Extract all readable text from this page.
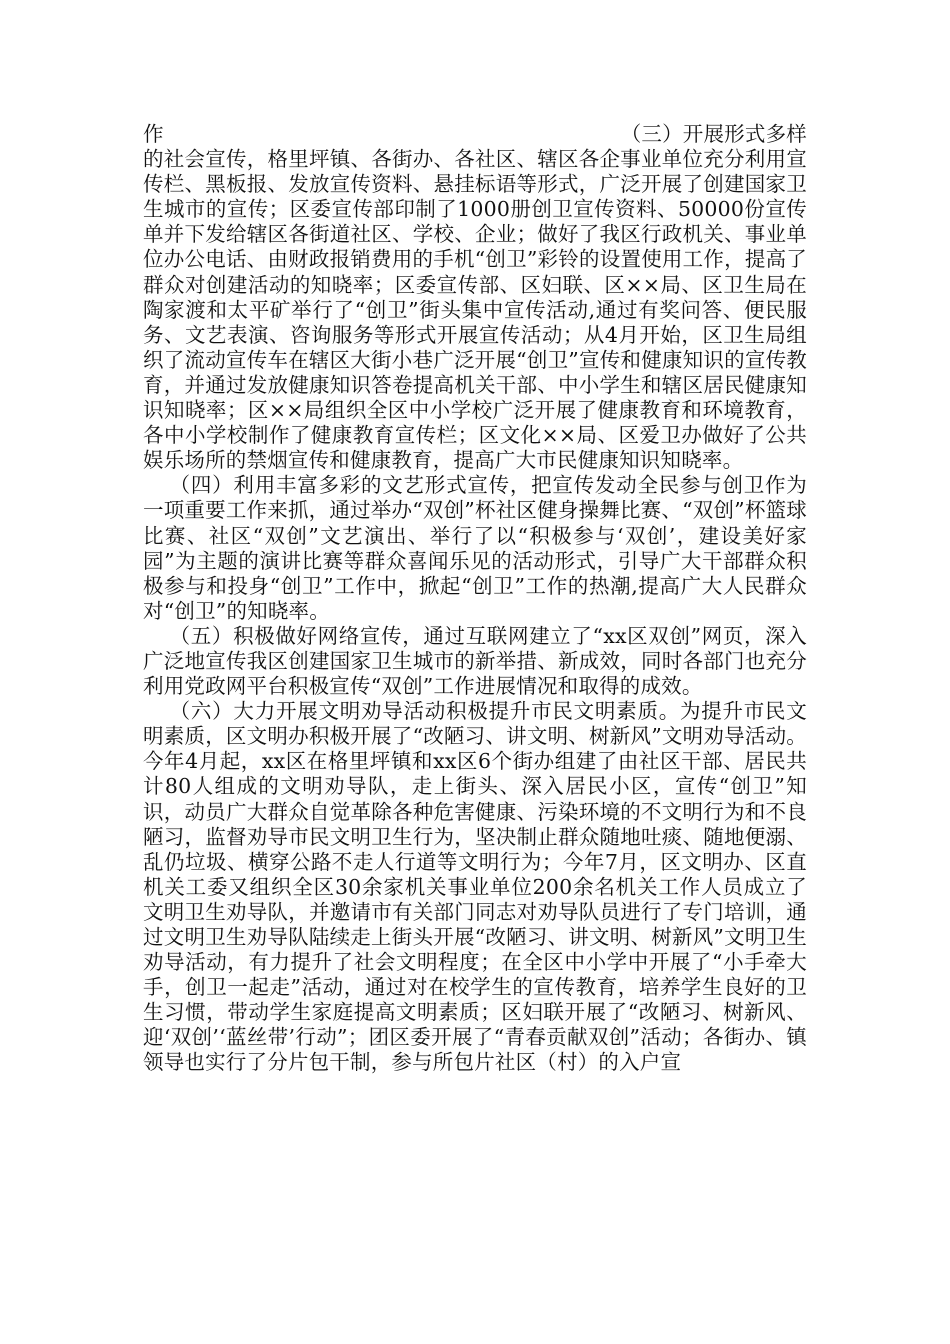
作	（三）开展形式多样

的社会宣传，格里坪镇、各街办、各社区、辖区各企事业单位充分利用宣传栏、黑板报、发放宣传资料、悬挂标语等形式，广泛开展了创建国家卫生城市的宣传；区委宣传部印制了1000册创卫宣传资料、50000份宣传单并下发给辖区各街道社区、学校、企业；做好了我区行政机关、事业单位办公电话、由财政报销费用的手机“创卫”彩铃的设置使用工作，提高了群众对创建活动的知晓率；区委宣传部、区妇联、区××局、区卫生局在陶家渡和太平矿举行了“创卫”街头集中宣传活动,通过有奖问答、便民服务、文艺表演、咨询服务等形式开展宣传活动；从4月开始，区卫生局组织了流动宣传车在辖区大街小巷广泛开展“创卫”宣传和健康知识的宣传教育，并通过发放健康知识答卷提高机关干部、中小学生和辖区居民健康知识知晓率；区××局组织全区中小学校广泛开展了健康教育和环境教育，各中小学校制作了健康教育宣传栏；区文化××局、区爱卫办做好了公共娱乐场所的禁烟宣传和健康教育，提高广大市民健康知识知晓率。

（四）利用丰富多彩的文艺形式宣传，把宣传发动全民参与创卫作为一项重要工作来抓，通过举办“双创”杯社区健身操舞比赛、“双创”杯篮球比赛、社区“双创”文艺演出、举行了以“积极参与‘双创’，建设美好家园”为主题的演讲比赛等群众喜闻乐见的活动形式，引导广大干部群众积极参与和投身“创卫”工作中，掀起“创卫”工作的热潮,提高广大人民群众对“创卫”的知晓率。

（五）积极做好网络宣传，通过互联网建立了“xx区双创”网页，深入广泛地宣传我区创建国家卫生城市的新举措、新成效，同时各部门也充分利用党政网平台积极宣传“双创”工作进展情况和取得的成效。

（六）大力开展文明劝导活动积极提升市民文明素质。为提升市民文明素质，区文明办积极开展了“改陋习、讲文明、树新风”文明劝导活动。今年4月起，xx区在格里坪镇和xx区6个街办组建了由社区干部、居民共计80人组成的文明劝导队，走上街头、深入居民小区，宣传“创卫”知识，动员广大群众自觉革除各种危害健康、污染环境的不文明行为和不良陋习，监督劝导市民文明卫生行为，坚决制止群众随地吐痰、随地便溺、乱仍垃圾、横穿公路不走人行道等文明行为；今年7月，区文明办、区直机关工委又组织全区30余家机关事业单位200余名机关工作人员成立了文明卫生劝导队，并邀请市有关部门同志对劝导队员进行了专门培训，通过文明卫生劝导队陆续走上街头开展“改陋习、讲文明、树新风”文明卫生劝导活动，有力提升了社会文明程度；在全区中小学中开展了“小手牵大手，创卫一起走”活动，通过对在校学生的宣传教育，培养学生良好的卫生习惯，带动学生家庭提高文明素质；区妇联开展了“改陋习、树新风、迎‘双创’‘蓝丝带’行动”；团区委开展了“青春贡献双创”活动；各街办、镇领导也实行了分片包干制，参与所包片社区（村）的入户宣
